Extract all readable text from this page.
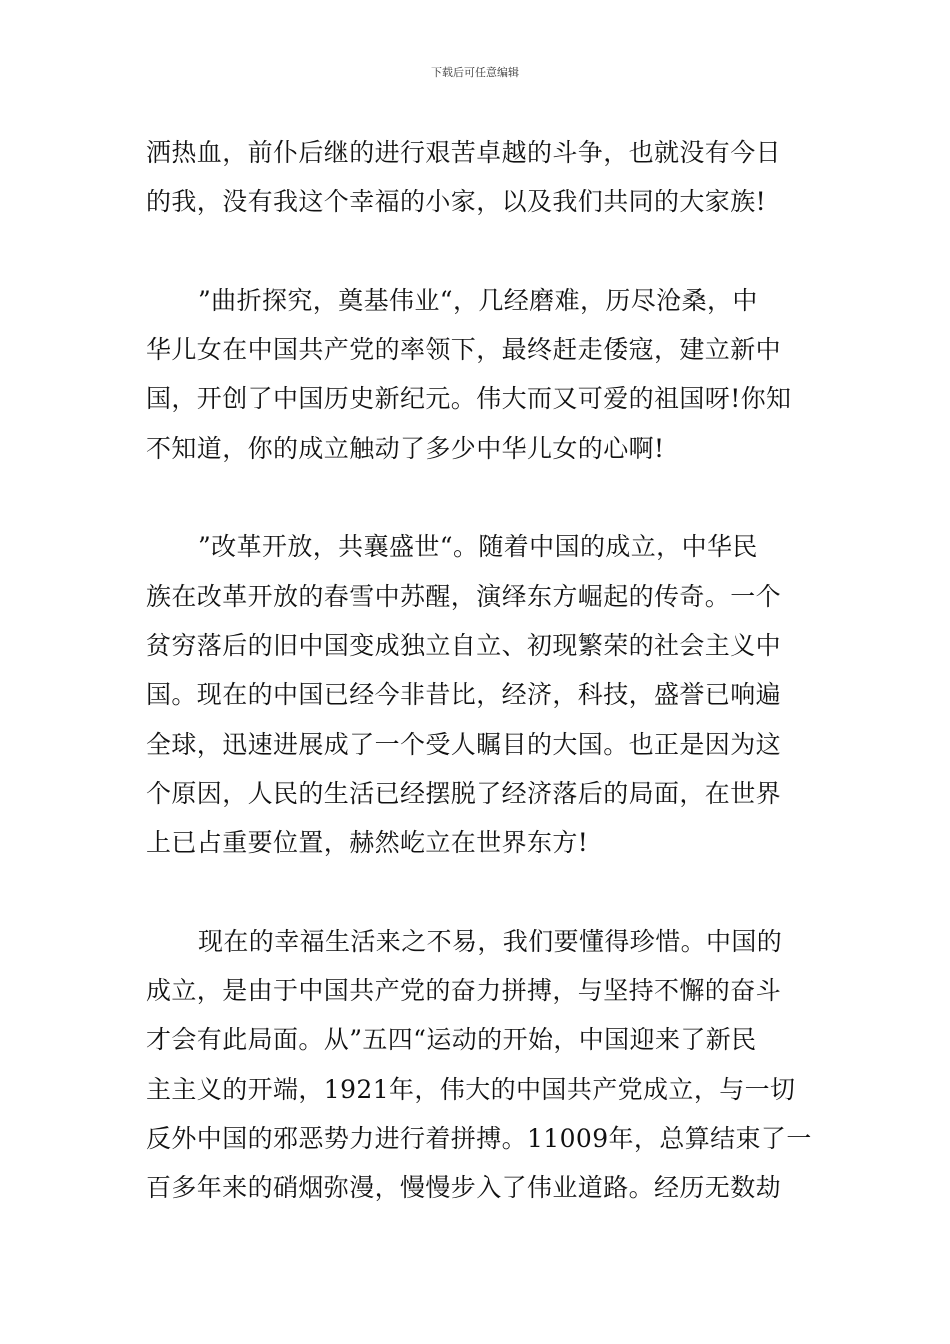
下载后可任意编辑
洒热血，前仆后继的进行艰苦卓越的斗争，也就没有今日
的我，没有我这个幸福的小家，以及我们共同的大家族!
”曲折探究，奠基伟业“，几经磨难，历尽沧桑，中
华儿女在中国共产党的率领下，最终赶走倭寇，建立新中
国，开创了中国历史新纪元。伟大而又可爱的祖国呀!你知
不知道，你的成立触动了多少中华儿女的心啊!
”改革开放，共襄盛世“。随着中国的成立，中华民
族在改革开放的春雪中苏醒，演绎东方崛起的传奇。一个
贫穷落后的旧中国变成独立自立、初现繁荣的社会主义中
国。现在的中国已经今非昔比，经济，科技，盛誉已响遍
全球，迅速进展成了一个受人瞩目的大国。也正是因为这
个原因，人民的生活已经摆脱了经济落后的局面，在世界
上已占重要位置，赫然屹立在世界东方!
现在的幸福生活来之不易，我们要懂得珍惜。中国的
成立，是由于中国共产党的奋力拼搏，与坚持不懈的奋斗
才会有此局面。从”五四“运动的开始，中国迎来了新民
主主义的开端，1921年，伟大的中国共产党成立，与一切
反外中国的邪恶势力进行着拼搏。11009年，总算结束了一
百多年来的硝烟弥漫，慢慢步入了伟业道路。经历无数劫
